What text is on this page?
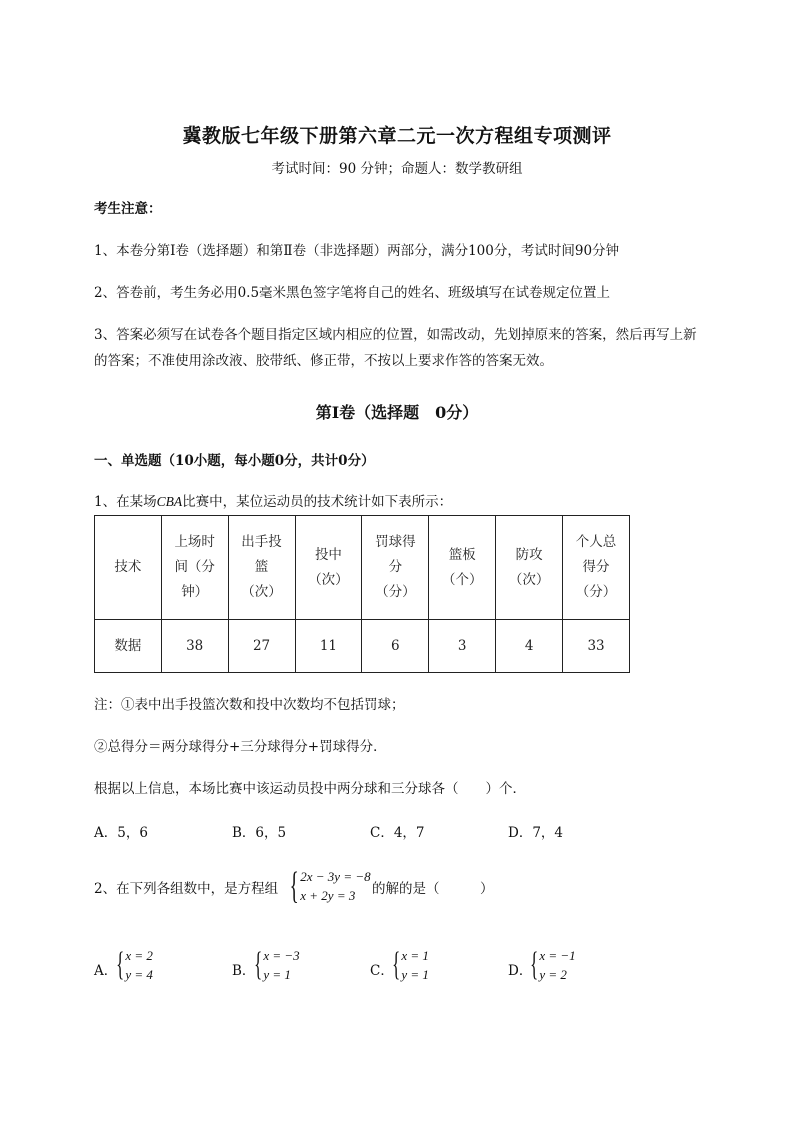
冀教版七年级下册第六章二元一次方程组专项测评
考试时间：90 分钟；命题人：数学教研组
考生注意：
1、本卷分第I卷（选择题）和第Ⅱ卷（非选择题）两部分，满分100分，考试时间90分钟
2、答卷前，考生务必用0.5毫米黑色签字笔将自己的姓名、班级填写在试卷规定位置上
3、答案必须写在试卷各个题目指定区域内相应的位置，如需改动，先划掉原来的答案，然后再写上新
的答案；不准使用涂改液、胶带纸、修正带，不按以上要求作答的答案无效。
第I卷（选择题　0分）
一、单选题（10小题，每小题0分，共计0分）
1、在某场CBA比赛中，某位运动员的技术统计如下表所示：
技术	上场时
间（分
钟）	出手投
篮
（次）	投中
（次）	罚球得
分
（分）	篮板
（个）	防攻
（次）	个人总
得分
（分）
数据	38	27	11	6	3	4	33
注：①表中出手投篮次数和投中次数均不包括罚球；
②总得分＝两分球得分+三分球得分+罚球得分．
根据以上信息，本场比赛中该运动员投中两分球和三分球各（　　）个．
A．5，6	B．6，5	C．4，7	D．7，4
2、在下列各组数中，是方程组 { 2x − 3y = −8
x + 2y = 3	的解的是（　　　）
A．
{ x = 2
y = 4	B．
{ x = −3
y = 1	C．
{ x = 1
y = 1	D．
{ x = −1
y = 2
